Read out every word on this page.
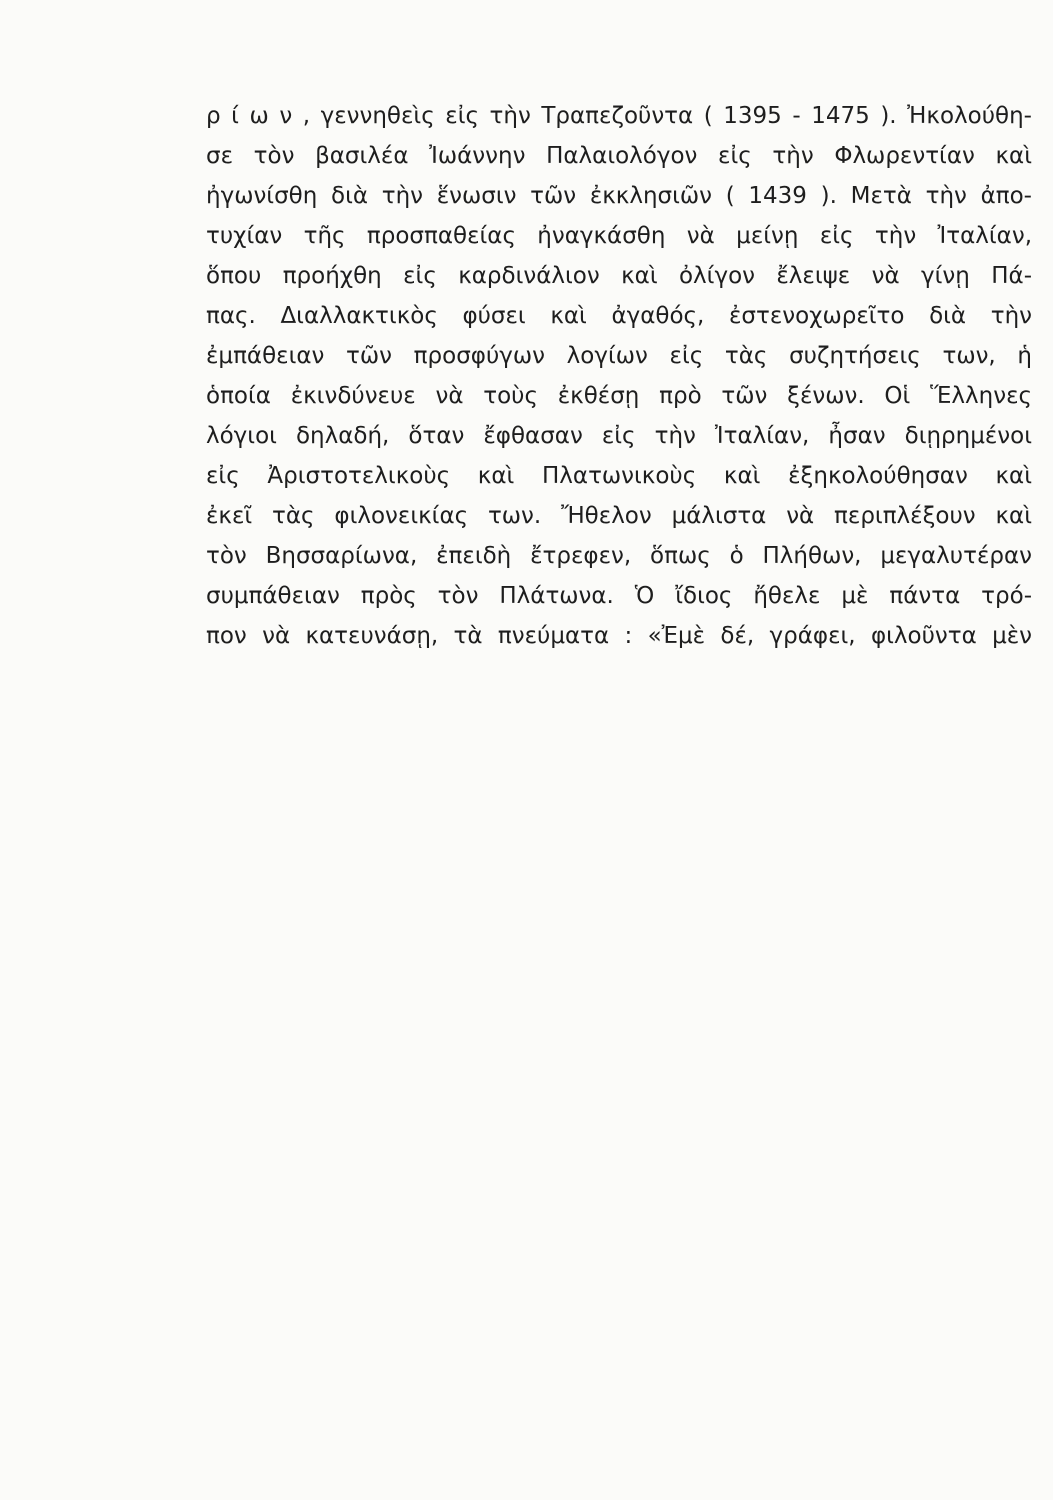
ρ ί ω ν , γεννηθεὶς εἰς τὴν Τραπεζοῦντα ( 1395 - 1475 ). Ἠκολούθη-
σε τὸν βασιλέα Ἰωάννην Παλαιολόγον εἰς τὴν Φλωρεντίαν καὶ
ἠγωνίσθη διὰ τὴν ἕνωσιν τῶν ἐκκλησιῶν ( 1439 ). Μετὰ τὴν ἀπο-
τυχίαν τῆς προσπαθείας ἠναγκάσθη νὰ μείνῃ εἰς τὴν Ἰταλίαν,
ὅπου προήχθη εἰς καρδινάλιον καὶ ὀλίγον ἔλειψε νὰ γίνῃ Πά-
πας. Διαλλακτικὸς φύσει καὶ ἀγαθός, ἐστενοχωρεῖτο διὰ τὴν
ἐμπάθειαν τῶν προσφύγων λογίων εἰς τὰς συζητήσεις των, ἡ
ὁποία ἐκινδύνευε νὰ τοὺς ἐκθέσῃ πρὸ τῶν ξένων. Οἱ Ἕλληνες
λόγιοι δηλαδή, ὅταν ἔφθασαν εἰς τὴν Ἰταλίαν, ἦσαν διῃρημένοι
εἰς Ἀριστοτελικοὺς καὶ Πλατωνικοὺς καὶ ἐξηκολούθησαν καὶ
ἐκεῖ τὰς φιλονεικίας των. Ἤθελον μάλιστα νὰ περιπλέξουν καὶ
τὸν Βησσαρίωνα, ἐπειδὴ ἔτρεφεν, ὅπως ὁ Πλήθων, μεγαλυτέραν
συμπάθειαν πρὸς τὸν Πλάτωνα. Ὁ ἴδιος ἤθελε μὲ πάντα τρό-
πον νὰ κατευνάσῃ, τὰ πνεύματα : «Ἐμὲ δέ, γράφει, φιλοῦντα μὲν
